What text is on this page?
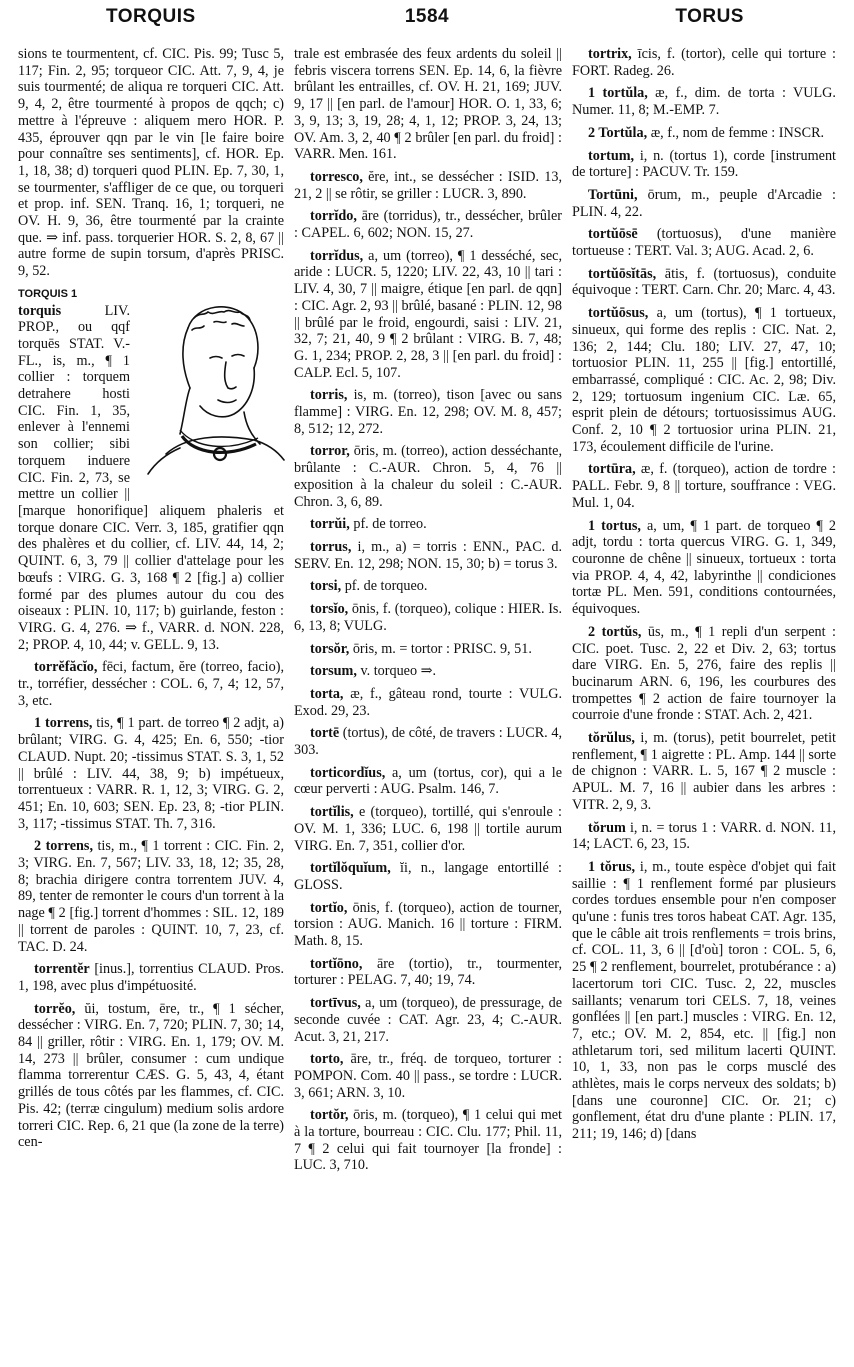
TORQUIS	1584	TORUS

sions te tourmentent, cf. CIC. Pis. 99; Tusc 5, 117; Fin. 2, 95; torqueor CIC. Att. 7, 9, 4, je suis tourmenté; de aliqua re torqueri CIC. Att. 9, 4, 2, être tourmenté à propos de qqch; c) mettre à l'épreuve : aliquem mero HOR. P. 435, éprouver qqn par le vin [le faire boire pour connaître ses sentiments], cf. HOR. Ep. 1, 18, 38; d) torqueri quod PLIN. Ep. 7, 30, 1, se tourmenter, s'affliger de ce que, ou torqueri et prop. inf. SEN. Tranq. 16, 1; torqueri, ne OV. H. 9, 36, être tourmenté par la crainte que. ⇒ inf. pass. torquerier HOR. S. 2, 8, 67 || autre forme de supin torsum, d'après PRISC. 9, 52.

TORQUIS 1
torquis LIV. PROP., ou qqf torquēs STAT. V.-FL., is, m., ¶ 1 collier : torquem detrahere hosti CIC. Fin. 1, 35, enlever à l'ennemi son collier; sibi torquem induere CIC. Fin. 2, 73, se mettre un collier || [marque honorifique] aliquem phaleris et torque donare CIC. Verr. 3, 185, gratifier qqn des phalères et du collier, cf. LIV. 44, 14, 2; QUINT. 6, 3, 79 || collier d'attelage pour les bœufs : VIRG. G. 3, 168 ¶ 2 [fig.] a) collier formé par des plumes autour du cou des oiseaux : PLIN. 10, 117; b) guirlande, feston : VIRG. G. 4, 276. ⇒ f., VARR. d. NON. 228, 2; PROP. 4, 10, 44; v. GELL. 9, 13.

torrĕfăcĭo, fēci, factum, ĕre (torreo, facio), tr., torréfier, dessécher : COL. 6, 7, 4; 12, 57, 3, etc.

1 torrens, tis, ¶ 1 part. de torreo ¶ 2 adjt, a) brûlant; VIRG. G. 4, 425; En. 6, 550; -tior CLAUD. Nupt. 20; -tissimus STAT. S. 3, 1, 52 || brûlé : LIV. 44, 38, 9; b) impétueux, torrentueux : VARR. R. 1, 12, 3; VIRG. G. 2, 451; En. 10, 603; SEN. Ep. 23, 8; -tior PLIN. 3, 117; -tissimus STAT. Th. 7, 316.

2 torrens, tis, m., ¶ 1 torrent : CIC. Fin. 2, 3; VIRG. En. 7, 567; LIV. 33, 18, 12; 35, 28, 8; brachia dirigere contra torrentem JUV. 4, 89, tenter de remonter le cours d'un torrent à la nage ¶ 2 [fig.] torrent d'hommes : SIL. 12, 189 || torrent de paroles : QUINT. 10, 7, 23, cf. TAC. D. 24.

torrentĕr [inus.], torrentius CLAUD. Pros. 1, 198, avec plus d'impétuosité.

torrĕo, ŭi, tostum, ēre, tr., ¶ 1 sécher, dessécher : VIRG. En. 7, 720; PLIN. 7, 30; 14, 84 || griller, rôtir : VIRG. En. 1, 179; OV. M. 14, 273 || brûler, consumer : cum undique flamma torrerentur CÆS. G. 5, 43, 4, étant grillés de tous côtés par les flammes, cf. CIC. Pis. 42; (terræ cingulum) medium solis ardore torreri CIC. Rep. 6, 21 que (la zone de la terre) cen-

trale est embrasée des feux ardents du soleil || febris viscera torrens SEN. Ep. 14, 6, la fièvre brûlant les entrailles, cf. OV. H. 21, 169; JUV. 9, 17 || [en parl. de l'amour] HOR. O. 1, 33, 6; 3, 9, 13; 3, 19, 28; 4, 1, 12; PROP. 3, 24, 13; OV. Am. 3, 2, 40 ¶ 2 brûler [en parl. du froid] : VARR. Men. 161.

torresco, ĕre, int., se dessécher : ISID. 13, 21, 2 || se rôtir, se griller : LUCR. 3, 890.

torrĭdo, āre (torridus), tr., dessécher, brûler : CAPEL. 6, 602; NON. 15, 27.

torrĭdus, a, um (torreo), ¶ 1 desséché, sec, aride : LUCR. 5, 1220; LIV. 22, 43, 10 || tari : LIV. 4, 30, 7 || maigre, étique [en parl. de qqn] : CIC. Agr. 2, 93 || brûlé, basané : PLIN. 12, 98 || brûlé par le froid, engourdi, saisi : LIV. 21, 32, 7; 21, 40, 9 ¶ 2 brûlant : VIRG. B. 7, 48; G. 1, 234; PROP. 2, 28, 3 || [en parl. du froid] : CALP. Ecl. 5, 107.

torris, is, m. (torreo), tison [avec ou sans flamme] : VIRG. En. 12, 298; OV. M. 8, 457; 8, 512; 12, 272.

torror, ōris, m. (torreo), action desséchante, brûlante : C.-AUR. Chron. 5, 4, 76 || exposition à la chaleur du soleil : C.-AUR. Chron. 3, 6, 89.

torrŭi, pf. de torreo.

torrus, i, m., a) = torris : ENN., PAC. d. SERV. En. 12, 298; NON. 15, 30; b) = torus 3.

torsi, pf. de torqueo.

torsĭo, ōnis, f. (torqueo), colique : HIER. Is. 6, 13, 8; VULG.

torsŏr, ōris, m. = tortor : PRISC. 9, 51.

torsum, v. torqueo ⇒.

torta, æ, f., gâteau rond, tourte : VULG. Exod. 29, 23.

tortē (tortus), de côté, de travers : LUCR. 4, 303.

torticordĭus, a, um (tortus, cor), qui a le cœur perverti : AUG. Psalm. 146, 7.

tortĭlis, e (torqueo), tortillé, qui s'enroule : OV. M. 1, 336; LUC. 6, 198 || tortile aurum VIRG. En. 7, 351, collier d'or.

tortĭlŏquĭum, ĭi, n., langage entortillé : GLOSS.

tortĭo, ōnis, f. (torqueo), action de tourner, torsion : AUG. Manich. 16 || torture : FIRM. Math. 8, 15.

tortĭōno, āre (tortio), tr., tourmenter, torturer : PELAG. 7, 40; 19, 74.

tortīvus, a, um (torqueo), de pressurage, de seconde cuvée : CAT. Agr. 23, 4; C.-AUR. Acut. 3, 21, 217.

torto, āre, tr., fréq. de torqueo, torturer : POMPON. Com. 40 || pass., se tordre : LUCR. 3, 661; ARN. 3, 10.

tortŏr, ōris, m. (torqueo), ¶ 1 celui qui met à la torture, bourreau : CIC. Clu. 177; Phil. 11, 7 ¶ 2 celui qui fait tournoyer [la fronde] : LUC. 3, 710.

tortrix, īcis, f. (tortor), celle qui torture : FORT. Radeg. 26.

1 tortŭla, æ, f., dim. de torta : VULG. Numer. 11, 8; M.-EMP. 7.

2 Tortŭla, æ, f., nom de femme : INSCR.

tortum, i, n. (tortus 1), corde [instrument de torture] : PACUV. Tr. 159.

Tortūni, ōrum, m., peuple d'Arcadie : PLIN. 4, 22.

tortŭōsē (tortuosus), d'une manière tortueuse : TERT. Val. 3; AUG. Acad. 2, 6.

tortŭōsĭtās, ātis, f. (tortuosus), conduite équivoque : TERT. Carn. Chr. 20; Marc. 4, 43.

tortŭōsus, a, um (tortus), ¶ 1 tortueux, sinueux, qui forme des replis : CIC. Nat. 2, 136; 2, 144; Clu. 180; LIV. 27, 47, 10; tortuosior PLIN. 11, 255 || [fig.] entortillé, embarrassé, compliqué : CIC. Ac. 2, 98; Div. 2, 129; tortuosum ingenium CIC. Læ. 65, esprit plein de détours; tortuosissimus AUG. Conf. 2, 10 ¶ 2 tortuosior urina PLIN. 21, 173, écoulement difficile de l'urine.

tortūra, æ, f. (torqueo), action de tordre : PALL. Febr. 9, 8 || torture, souffrance : VEG. Mul. 1, 04.

1 tortus, a, um, ¶ 1 part. de torqueo ¶ 2 adjt, tordu : torta quercus VIRG. G. 1, 349, couronne de chêne || sinueux, tortueux : torta via PROP. 4, 4, 42, labyrinthe || condiciones tortæ PL. Men. 591, conditions contournées, équivoques.

2 tortŭs, ūs, m., ¶ 1 repli d'un serpent : CIC. poet. Tusc. 2, 22 et Div. 2, 63; tortus dare VIRG. En. 5, 276, faire des replis || bucinarum ARN. 6, 196, les courbures des trompettes ¶ 2 action de faire tournoyer la courroie d'une fronde : STAT. Ach. 2, 421.

tŏrŭlus, i, m. (torus), petit bourrelet, petit renflement, ¶ 1 aigrette : PL. Amp. 144 || sorte de chignon : VARR. L. 5, 167 ¶ 2 muscle : APUL. M. 7, 16 || aubier dans les arbres : VITR. 2, 9, 3.

tŏrum i, n. = torus 1 : VARR. d. NON. 11, 14; LACT. 6, 23, 15.

1 tŏrus, i, m., toute espèce d'objet qui fait saillie : ¶ 1 renflement formé par plusieurs cordes tordues ensemble pour n'en composer qu'une : funis tres toros habeat CAT. Agr. 135, que le câble ait trois renflements = trois brins, cf. COL. 11, 3, 6 || [d'où] toron : COL. 5, 6, 25 ¶ 2 renflement, bourrelet, protubérance : a) lacertorum tori CIC. Tusc. 2, 22, muscles saillants; venarum tori CELS. 7, 18, veines gonflées || [en part.] muscles : VIRG. En. 12, 7, etc.; OV. M. 2, 854, etc. || [fig.] non athletarum tori, sed militum lacerti QUINT. 10, 1, 33, non pas le corps musclé des athlètes, mais le corps nerveux des soldats; b) [dans une couronne] CIC. Or. 21; c) gonflement, état dru d'une plante : PLIN. 17, 211; 19, 146; d) [dans
